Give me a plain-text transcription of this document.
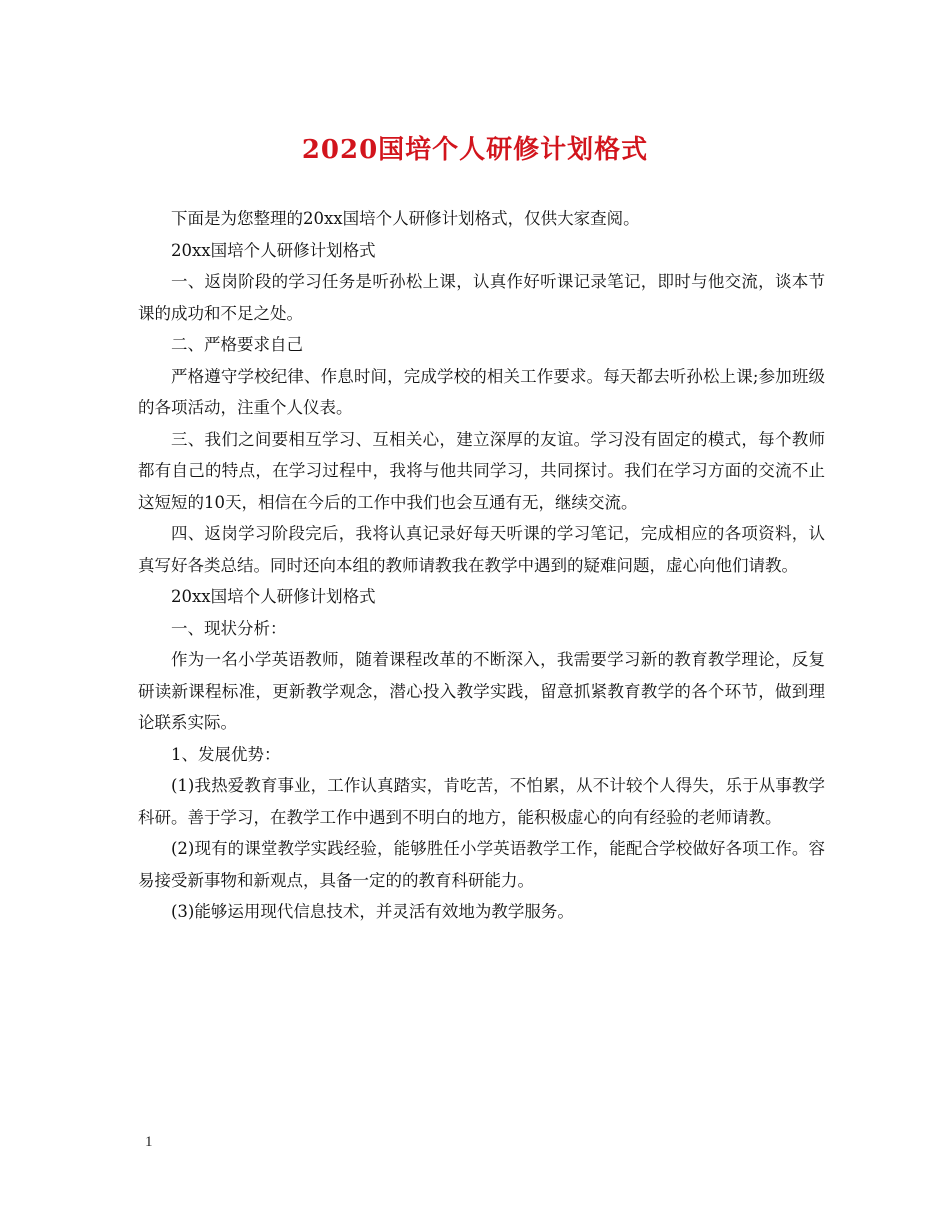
2020国培个人研修计划格式

下面是为您整理的20xx国培个人研修计划格式，仅供大家查阅。

20xx国培个人研修计划格式

一、返岗阶段的学习任务是听孙松上课，认真作好听课记录笔记，即时与他交流，谈本节课的成功和不足之处。

二、严格要求自己

严格遵守学校纪律、作息时间，完成学校的相关工作要求。每天都去听孙松上课;参加班级的各项活动，注重个人仪表。

三、我们之间要相互学习、互相关心，建立深厚的友谊。学习没有固定的模式，每个教师都有自己的特点，在学习过程中，我将与他共同学习，共同探讨。我们在学习方面的交流不止这短短的10天，相信在今后的工作中我们也会互通有无，继续交流。

四、返岗学习阶段完后，我将认真记录好每天听课的学习笔记，完成相应的各项资料，认真写好各类总结。同时还向本组的教师请教我在教学中遇到的疑难问题，虚心向他们请教。

20xx国培个人研修计划格式

一、现状分析：

作为一名小学英语教师，随着课程改革的不断深入，我需要学习新的教育教学理论，反复研读新课程标准，更新教学观念，潜心投入教学实践，留意抓紧教育教学的各个环节，做到理论联系实际。

1、发展优势：

(1)我热爱教育事业，工作认真踏实，肯吃苦，不怕累，从不计较个人得失，乐于从事教学科研。善于学习，在教学工作中遇到不明白的地方，能积极虚心的向有经验的老师请教。

(2)现有的课堂教学实践经验，能够胜任小学英语教学工作，能配合学校做好各项工作。容易接受新事物和新观点，具备一定的的教育科研能力。

(3)能够运用现代信息技术，并灵活有效地为教学服务。

1
